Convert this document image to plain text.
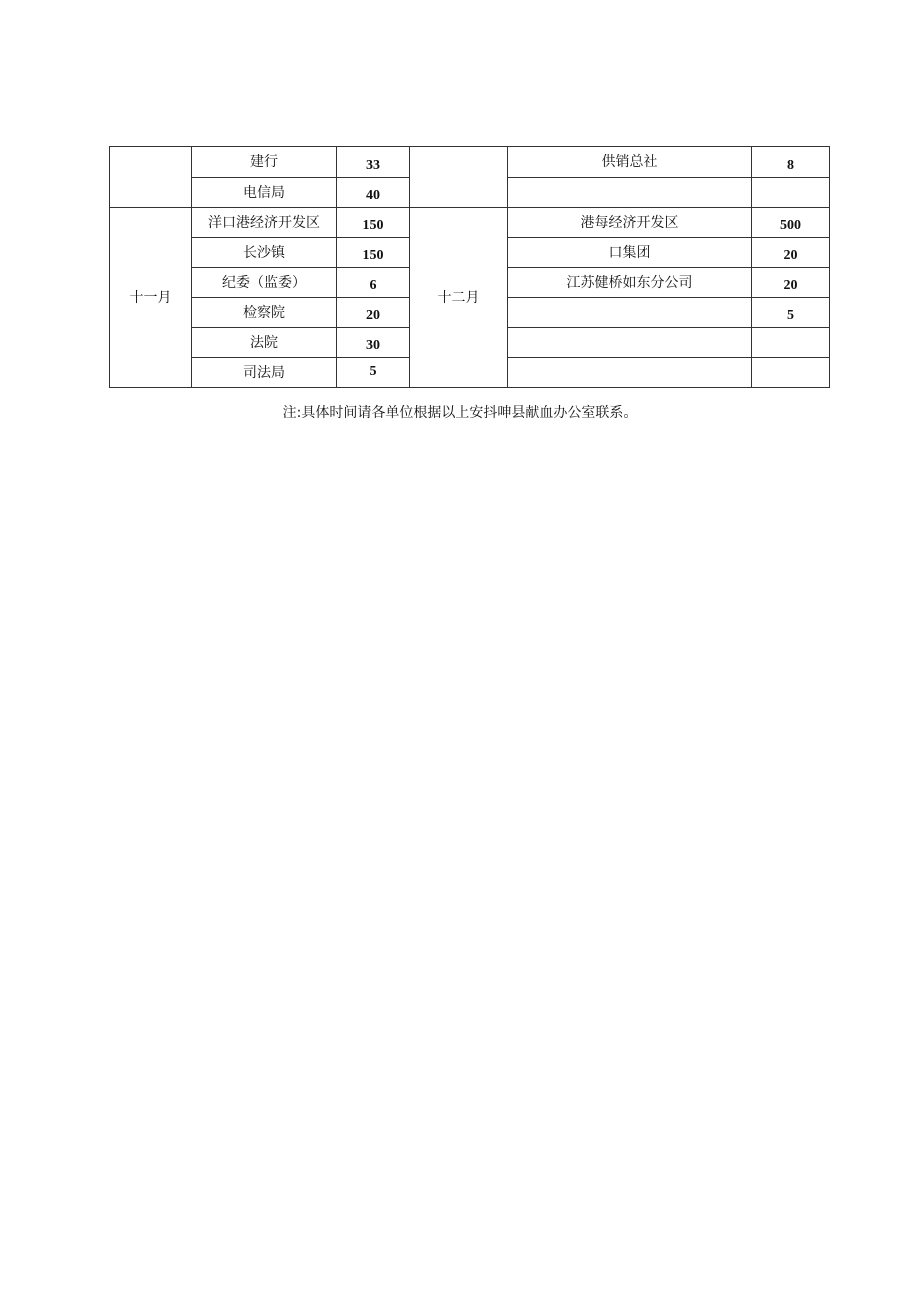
	建行	33		供销总社	8
	电信局	40			
十一月	洋口港经济开发区	150	十二月	港每经济开发区	500
	长沙镇	150		口集团	20
	纪委（监委）	6		江苏健桥如东分公司	20
	检察院	20			5
	法院	30			
	司法局	5			
注:具体时间请各单位根据以上安抖呻县献血办公室联系。
